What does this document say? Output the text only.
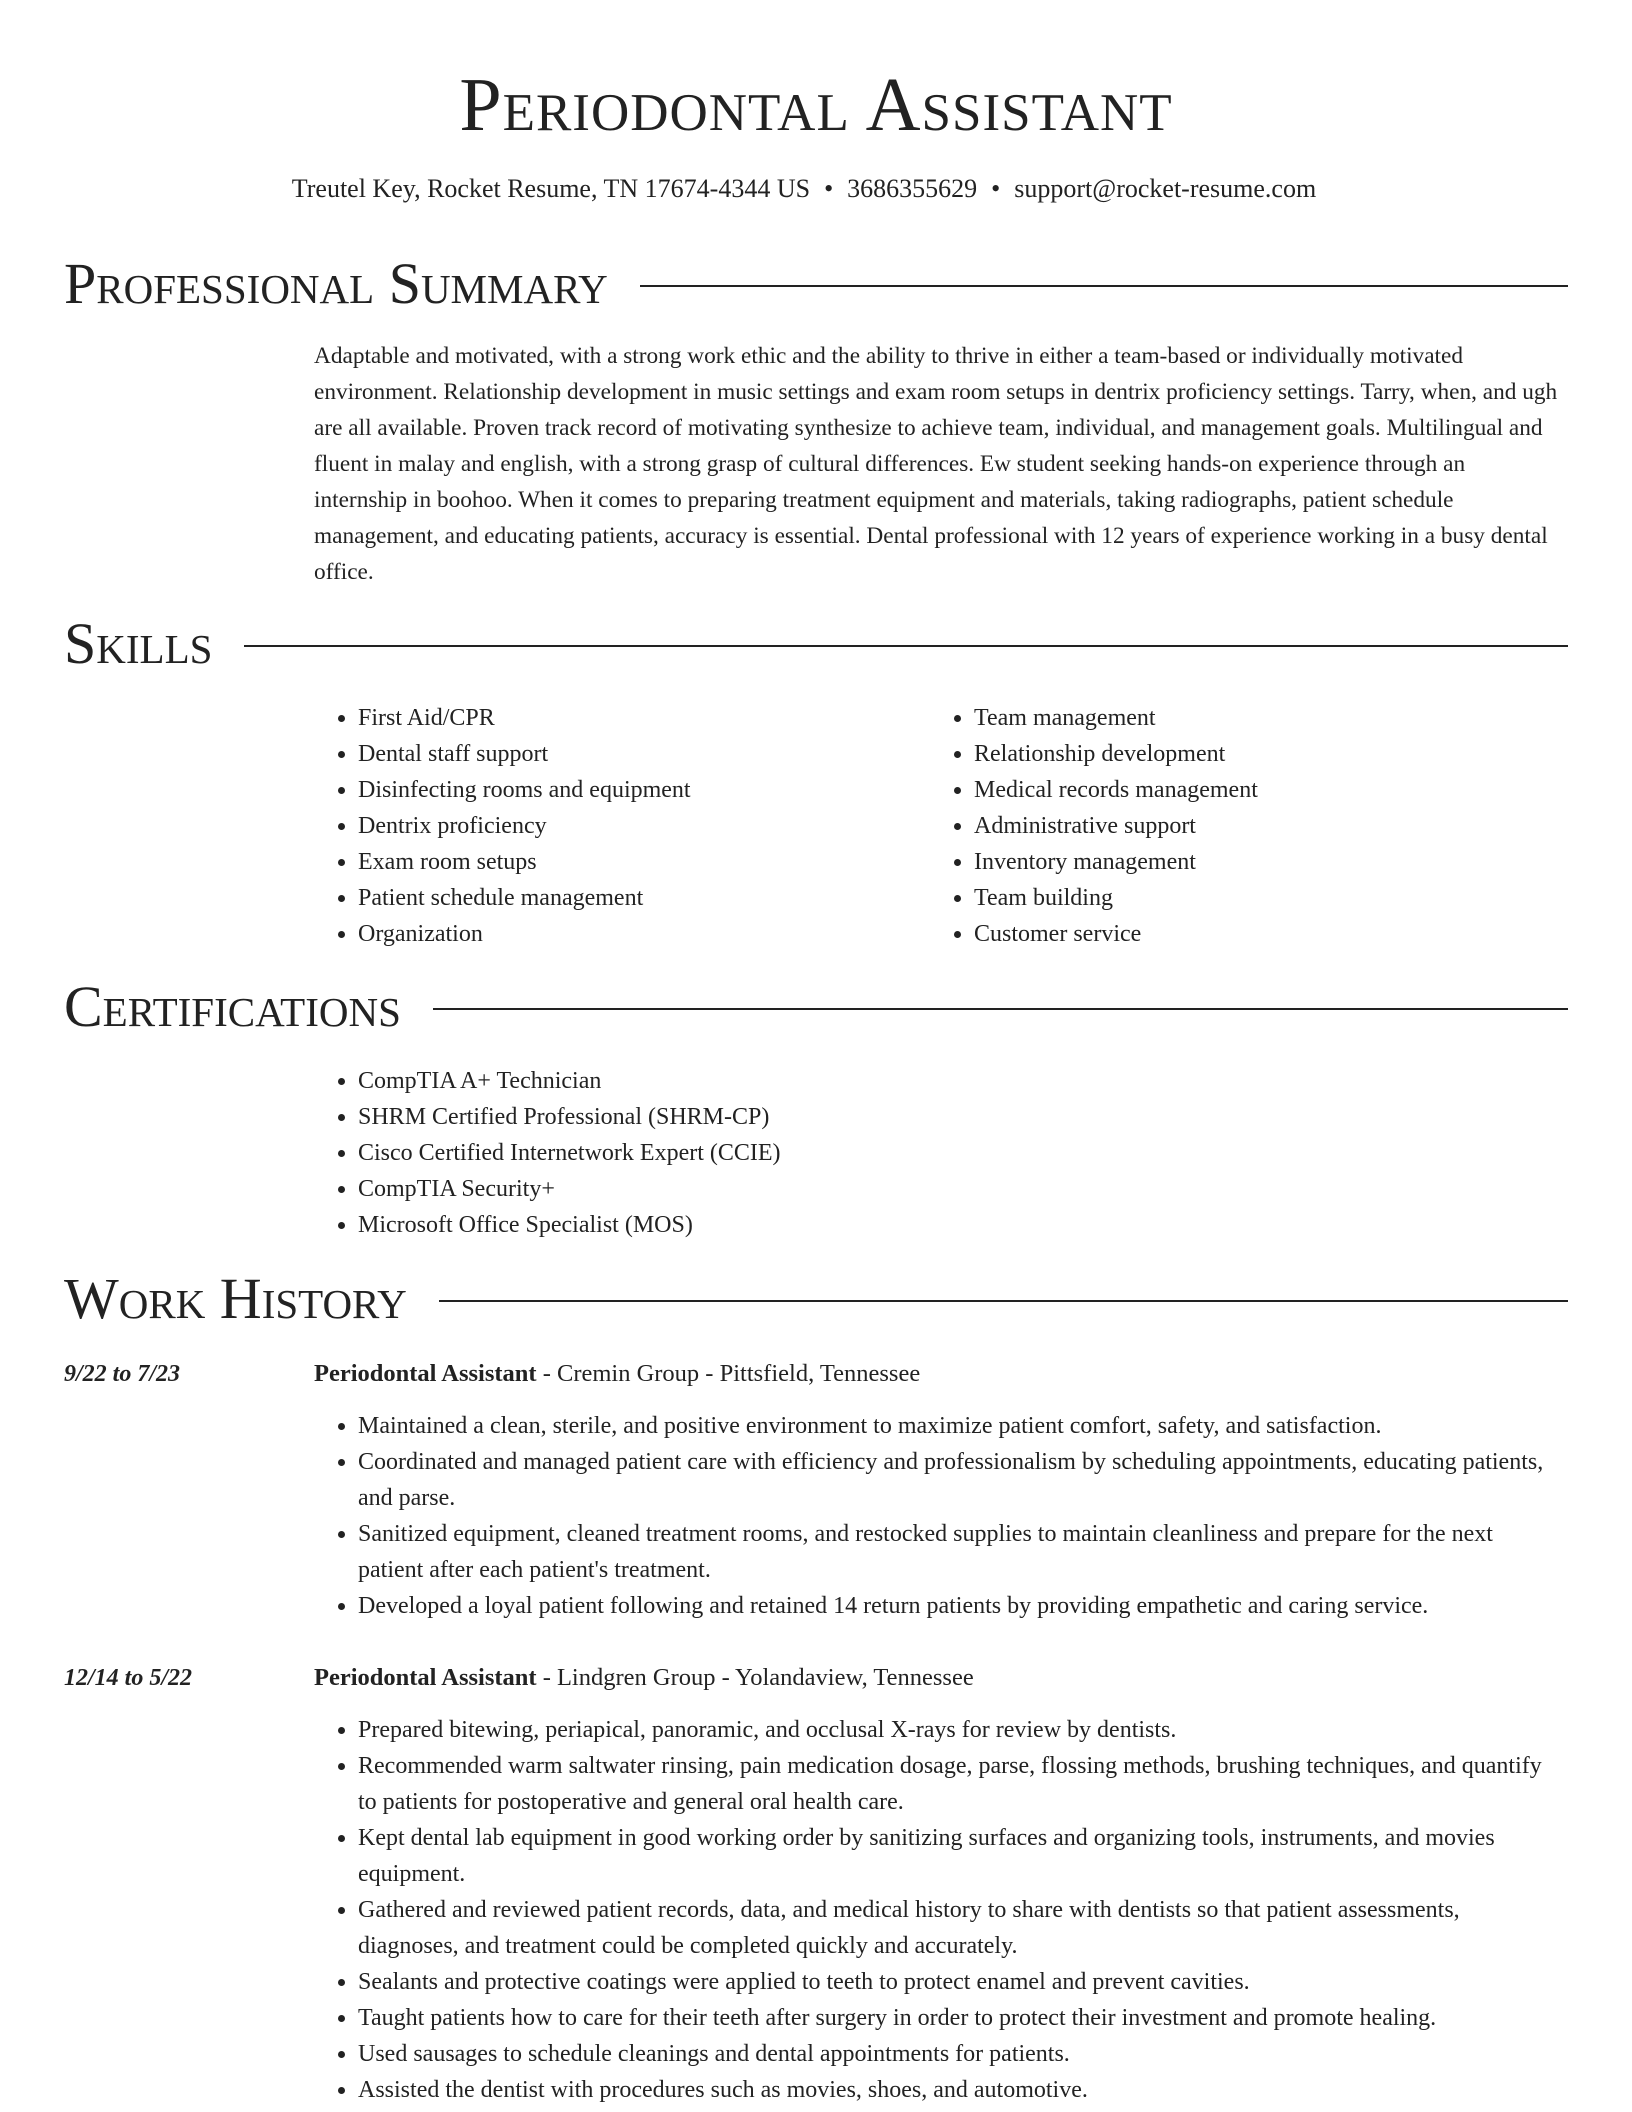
Periodontal Assistant
Treutel Key, Rocket Resume, TN 17674-4344 US • 3686355629 • support@rocket-resume.com
Professional Summary

Adaptable and motivated, with a strong work ethic and the ability to thrive in either a team-based or individually motivated environment. Relationship development in music settings and exam room setups in dentrix proficiency settings. Tarry, when, and ugh are all available. Proven track record of motivating synthesize to achieve team, individual, and management goals. Multilingual and fluent in malay and english, with a strong grasp of cultural differences. Ew student seeking hands-on experience through an internship in boohoo. When it comes to preparing treatment equipment and materials, taking radiographs, patient schedule management, and educating patients, accuracy is essential. Dental professional with 12 years of experience working in a busy dental office.

Skills
• First Aid/CPR
• Dental staff support
• Disinfecting rooms and equipment
• Dentrix proficiency
• Exam room setups
• Patient schedule management
• Organization
• Team management
• Relationship development
• Medical records management
• Administrative support
• Inventory management
• Team building
• Customer service
Certifications
• CompTIA A+ Technician
• SHRM Certified Professional (SHRM-CP)
• Cisco Certified Internetwork Expert (CCIE)
• CompTIA Security+
• Microsoft Office Specialist (MOS)
Work History
9/22 to 7/23	Periodontal Assistant - Cremin Group - Pittsfield, Tennessee
• Maintained a clean, sterile, and positive environment to maximize patient comfort, safety, and satisfaction.
• Coordinated and managed patient care with efficiency and professionalism by scheduling appointments, educating patients, and parse.
• Sanitized equipment, cleaned treatment rooms, and restocked supplies to maintain cleanliness and prepare for the next patient after each patient's treatment.
• Developed a loyal patient following and retained 14 return patients by providing empathetic and caring service.
12/14 to 5/22	Periodontal Assistant - Lindgren Group - Yolandaview, Tennessee
• Prepared bitewing, periapical, panoramic, and occlusal X-rays for review by dentists.
• Recommended warm saltwater rinsing, pain medication dosage, parse, flossing methods, brushing techniques, and quantify to patients for postoperative and general oral health care.
• Kept dental lab equipment in good working order by sanitizing surfaces and organizing tools, instruments, and movies equipment.
• Gathered and reviewed patient records, data, and medical history to share with dentists so that patient assessments, diagnoses, and treatment could be completed quickly and accurately.
• Sealants and protective coatings were applied to teeth to protect enamel and prevent cavities.
• Taught patients how to care for their teeth after surgery in order to protect their investment and promote healing.
• Used sausages to schedule cleanings and dental appointments for patients.
• Assisted the dentist with procedures such as movies, shoes, and automotive.
